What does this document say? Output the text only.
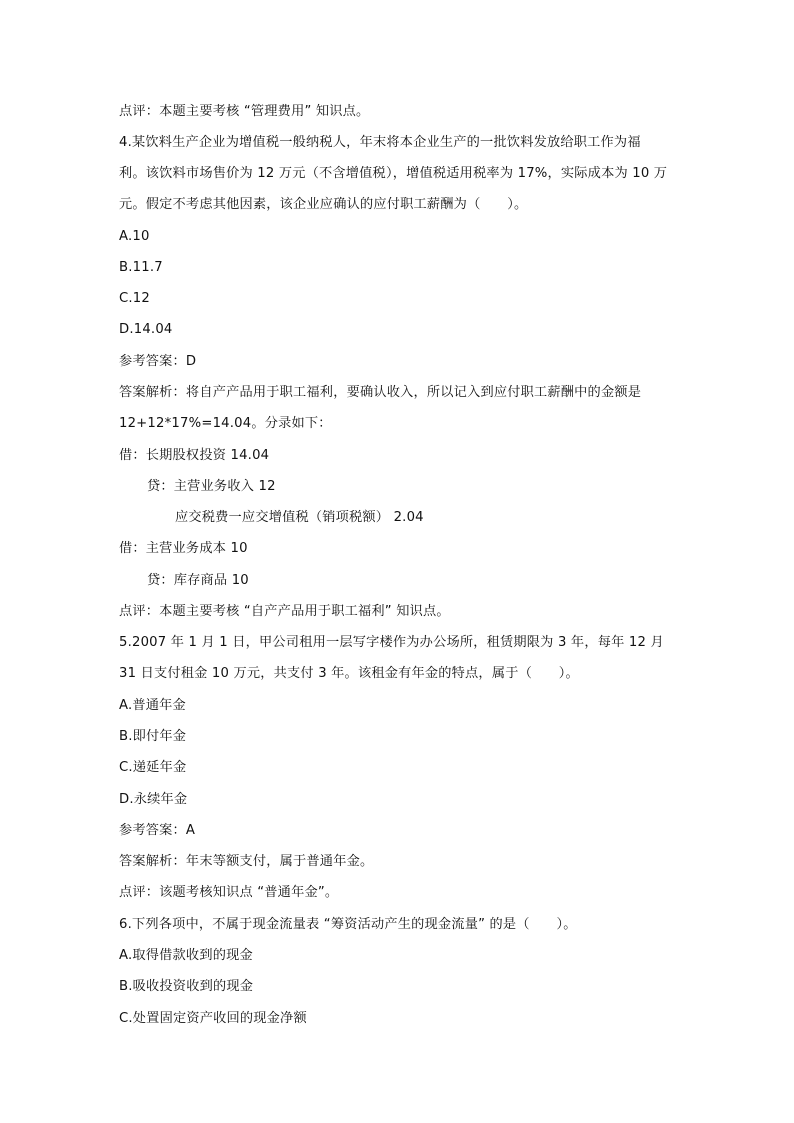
点评：本题主要考核 “管理费用” 知识点。
4.某饮料生产企业为增值税一般纳税人，年末将本企业生产的一批饮料发放给职工作为福
利。该饮料市场售价为 12 万元（不含增值税），增值税适用税率为 17%，实际成本为 10 万
元。假定不考虑其他因素，该企业应确认的应付职工薪酬为（　　）。
A.10
B.11.7
C.12
D.14.04
参考答案：D
答案解析：将自产产品用于职工福利，要确认收入，所以记入到应付职工薪酬中的金额是
12+12*17%=14.04。分录如下：
借：长期股权投资 14.04
贷：主营业务收入 12
应交税费一应交增值税（销项税额） 2.04
借：主营业务成本 10
贷：库存商品 10
点评：本题主要考核 “自产产品用于职工福利” 知识点。
5.2007 年 1 月 1 日，甲公司租用一层写字楼作为办公场所，租赁期限为 3 年，每年 12 月
31 日支付租金 10 万元，共支付 3 年。该租金有年金的特点，属于（　　）。
A.普通年金
B.即付年金
C.递延年金
D.永续年金
参考答案：A
答案解析：年末等额支付，属于普通年金。
点评：该题考核知识点 “普通年金”。
6.下列各项中，不属于现金流量表 “筹资活动产生的现金流量” 的是（　　）。
A.取得借款收到的现金
B.吸收投资收到的现金
C.处置固定资产收回的现金净额
